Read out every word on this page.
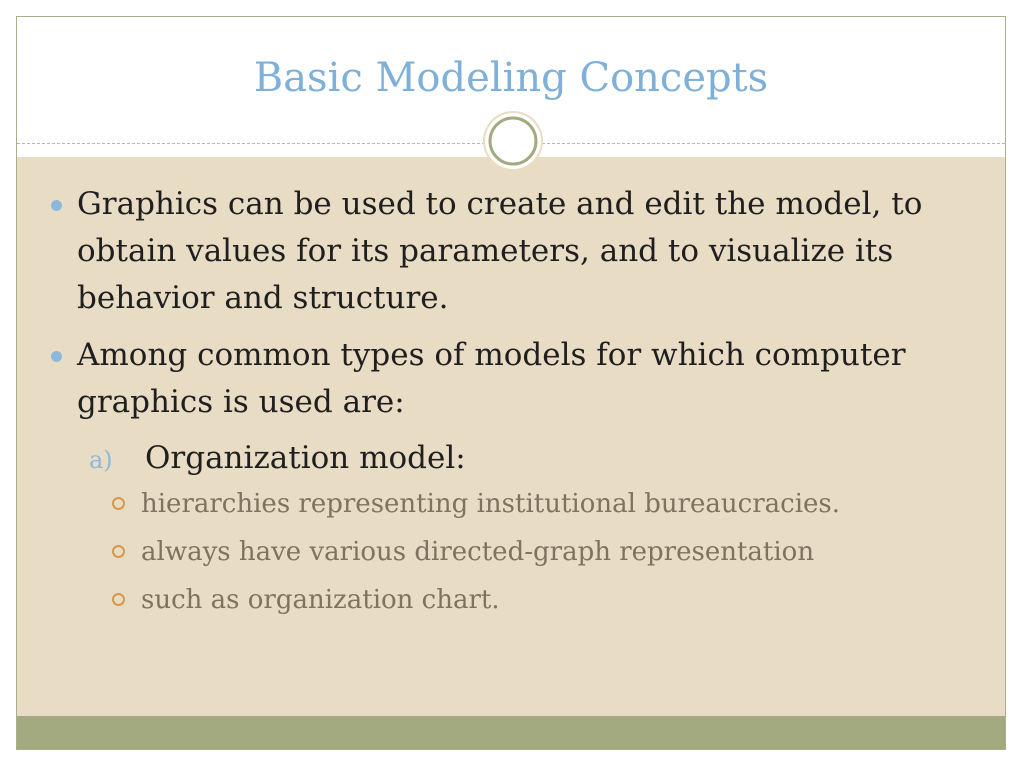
Basic Modeling Concepts
Graphics can be used to create and edit the model, to obtain values for its parameters, and to visualize its behavior and structure.
Among common types of models for which computer graphics is used are:
a) Organization model:
hierarchies representing institutional bureaucracies.
always have various directed-graph representation
such as organization chart.
